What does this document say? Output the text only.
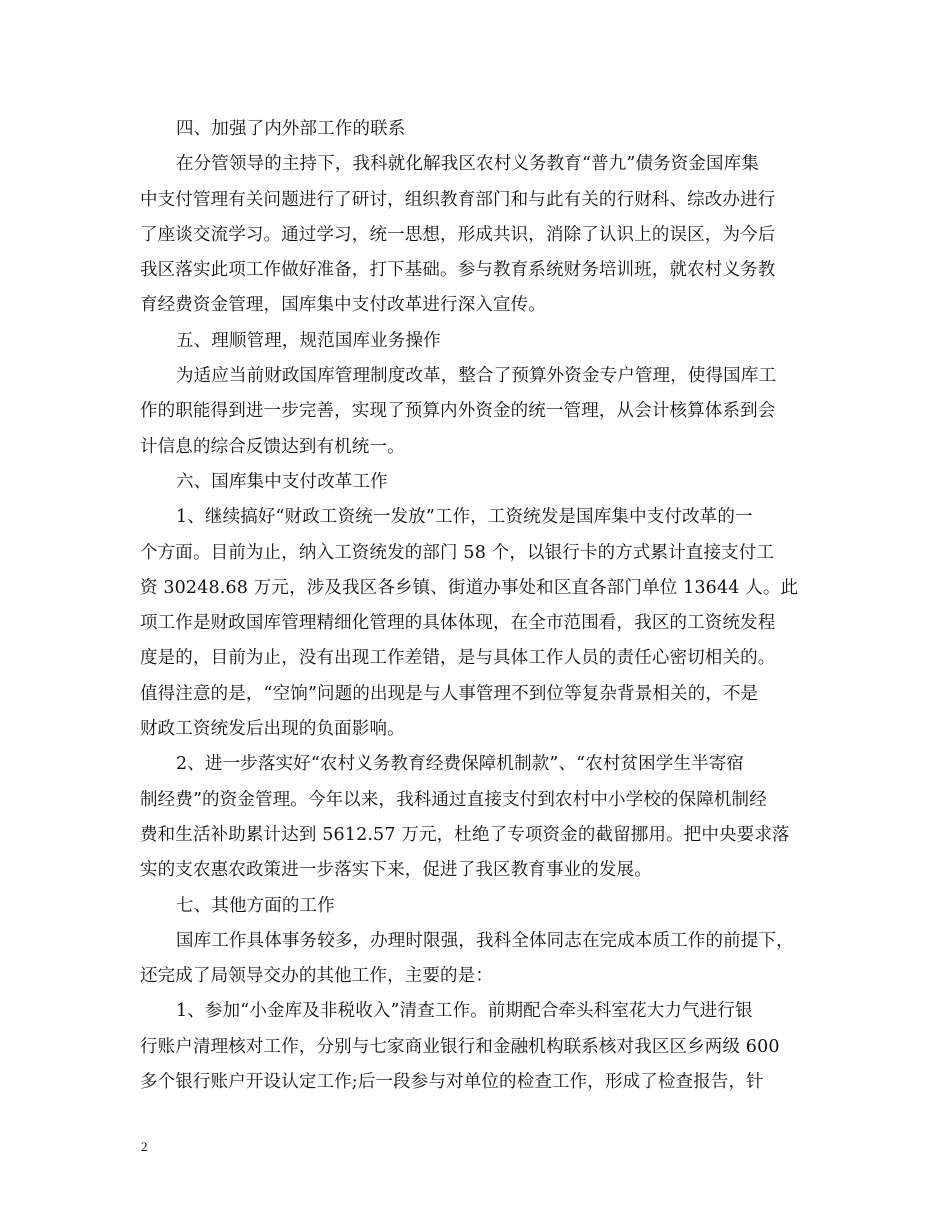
四、加强了内外部工作的联系
在分管领导的主持下，我科就化解我区农村义务教育“普九”债务资金国库集
中支付管理有关问题进行了研讨，组织教育部门和与此有关的行财科、综改办进行
了座谈交流学习。通过学习，统一思想，形成共识，消除了认识上的误区，为今后
我区落实此项工作做好准备，打下基础。参与教育系统财务培训班，就农村义务教
育经费资金管理，国库集中支付改革进行深入宣传。
五、理顺管理，规范国库业务操作
为适应当前财政国库管理制度改革，整合了预算外资金专户管理，使得国库工
作的职能得到进一步完善，实现了预算内外资金的统一管理，从会计核算体系到会
计信息的综合反馈达到有机统一。
六、国库集中支付改革工作
1、继续搞好“财政工资统一发放”工作，工资统发是国库集中支付改革的一
个方面。目前为止，纳入工资统发的部门 58 个，以银行卡的方式累计直接支付工
资 30248.68 万元，涉及我区各乡镇、街道办事处和区直各部门单位 13644 人。此
项工作是财政国库管理精细化管理的具体体现，在全市范围看，我区的工资统发程
度是的，目前为止，没有出现工作差错，是与具体工作人员的责任心密切相关的。
值得注意的是，“空饷”问题的出现是与人事管理不到位等复杂背景相关的，不是
财政工资统发后出现的负面影响。
2、进一步落实好“农村义务教育经费保障机制款”、“农村贫困学生半寄宿
制经费”的资金管理。今年以来，我科通过直接支付到农村中小学校的保障机制经
费和生活补助累计达到 5612.57 万元，杜绝了专项资金的截留挪用。把中央要求落
实的支农惠农政策进一步落实下来，促进了我区教育事业的发展。
七、其他方面的工作
国库工作具体事务较多，办理时限强，我科全体同志在完成本质工作的前提下，
还完成了局领导交办的其他工作，主要的是：
1、参加“小金库及非税收入”清查工作。前期配合牵头科室花大力气进行银
行账户清理核对工作，分别与七家商业银行和金融机构联系核对我区区乡两级 600
多个银行账户开设认定工作;后一段参与对单位的检查工作，形成了检查报告，针
2
